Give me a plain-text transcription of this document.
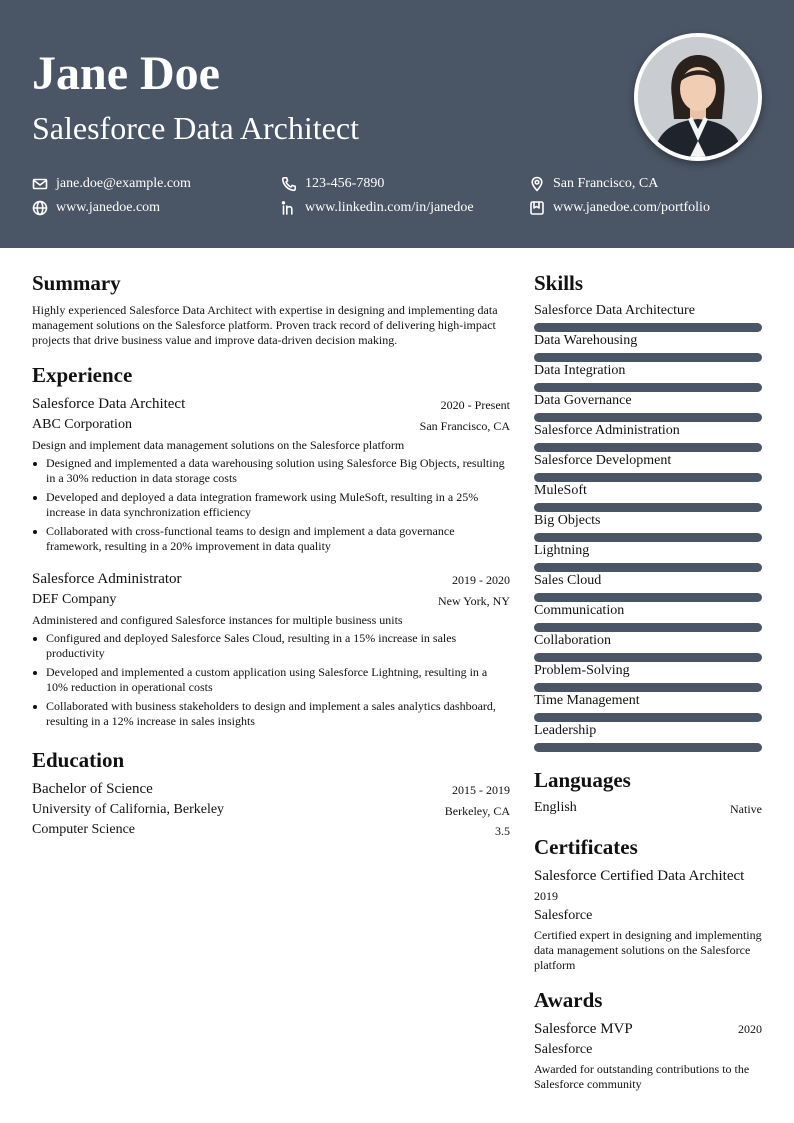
Jane Doe
Salesforce Data Architect
jane.doe@example.com	123-456-7890	San Francisco, CA
www.janedoe.com	www.linkedin.com/in/janedoe	www.janedoe.com/portfolio
Summary
Highly experienced Salesforce Data Architect with expertise in designing and implementing data management solutions on the Salesforce platform. Proven track record of delivering high-impact projects that drive business value and improve data-driven decision making.
Experience
Salesforce Data Architect	2020 - Present
ABC Corporation	San Francisco, CA
Design and implement data management solutions on the Salesforce platform
Designed and implemented a data warehousing solution using Salesforce Big Objects, resulting in a 30% reduction in data storage costs
Developed and deployed a data integration framework using MuleSoft, resulting in a 25% increase in data synchronization efficiency
Collaborated with cross-functional teams to design and implement a data governance framework, resulting in a 20% improvement in data quality
Salesforce Administrator	2019 - 2020
DEF Company	New York, NY
Administered and configured Salesforce instances for multiple business units
Configured and deployed Salesforce Sales Cloud, resulting in a 15% increase in sales productivity
Developed and implemented a custom application using Salesforce Lightning, resulting in a 10% reduction in operational costs
Collaborated with business stakeholders to design and implement a sales analytics dashboard, resulting in a 12% increase in sales insights
Education
Bachelor of Science	2015 - 2019
University of California, Berkeley	Berkeley, CA
Computer Science	3.5
Skills
Salesforce Data Architecture
Data Warehousing
Data Integration
Data Governance
Salesforce Administration
Salesforce Development
MuleSoft
Big Objects
Lightning
Sales Cloud
Communication
Collaboration
Problem-Solving
Time Management
Leadership
Languages
English	Native
Certificates
Salesforce Certified Data Architect
2019
Salesforce
Certified expert in designing and implementing data management solutions on the Salesforce platform
Awards
Salesforce MVP	2020
Salesforce
Awarded for outstanding contributions to the Salesforce community
